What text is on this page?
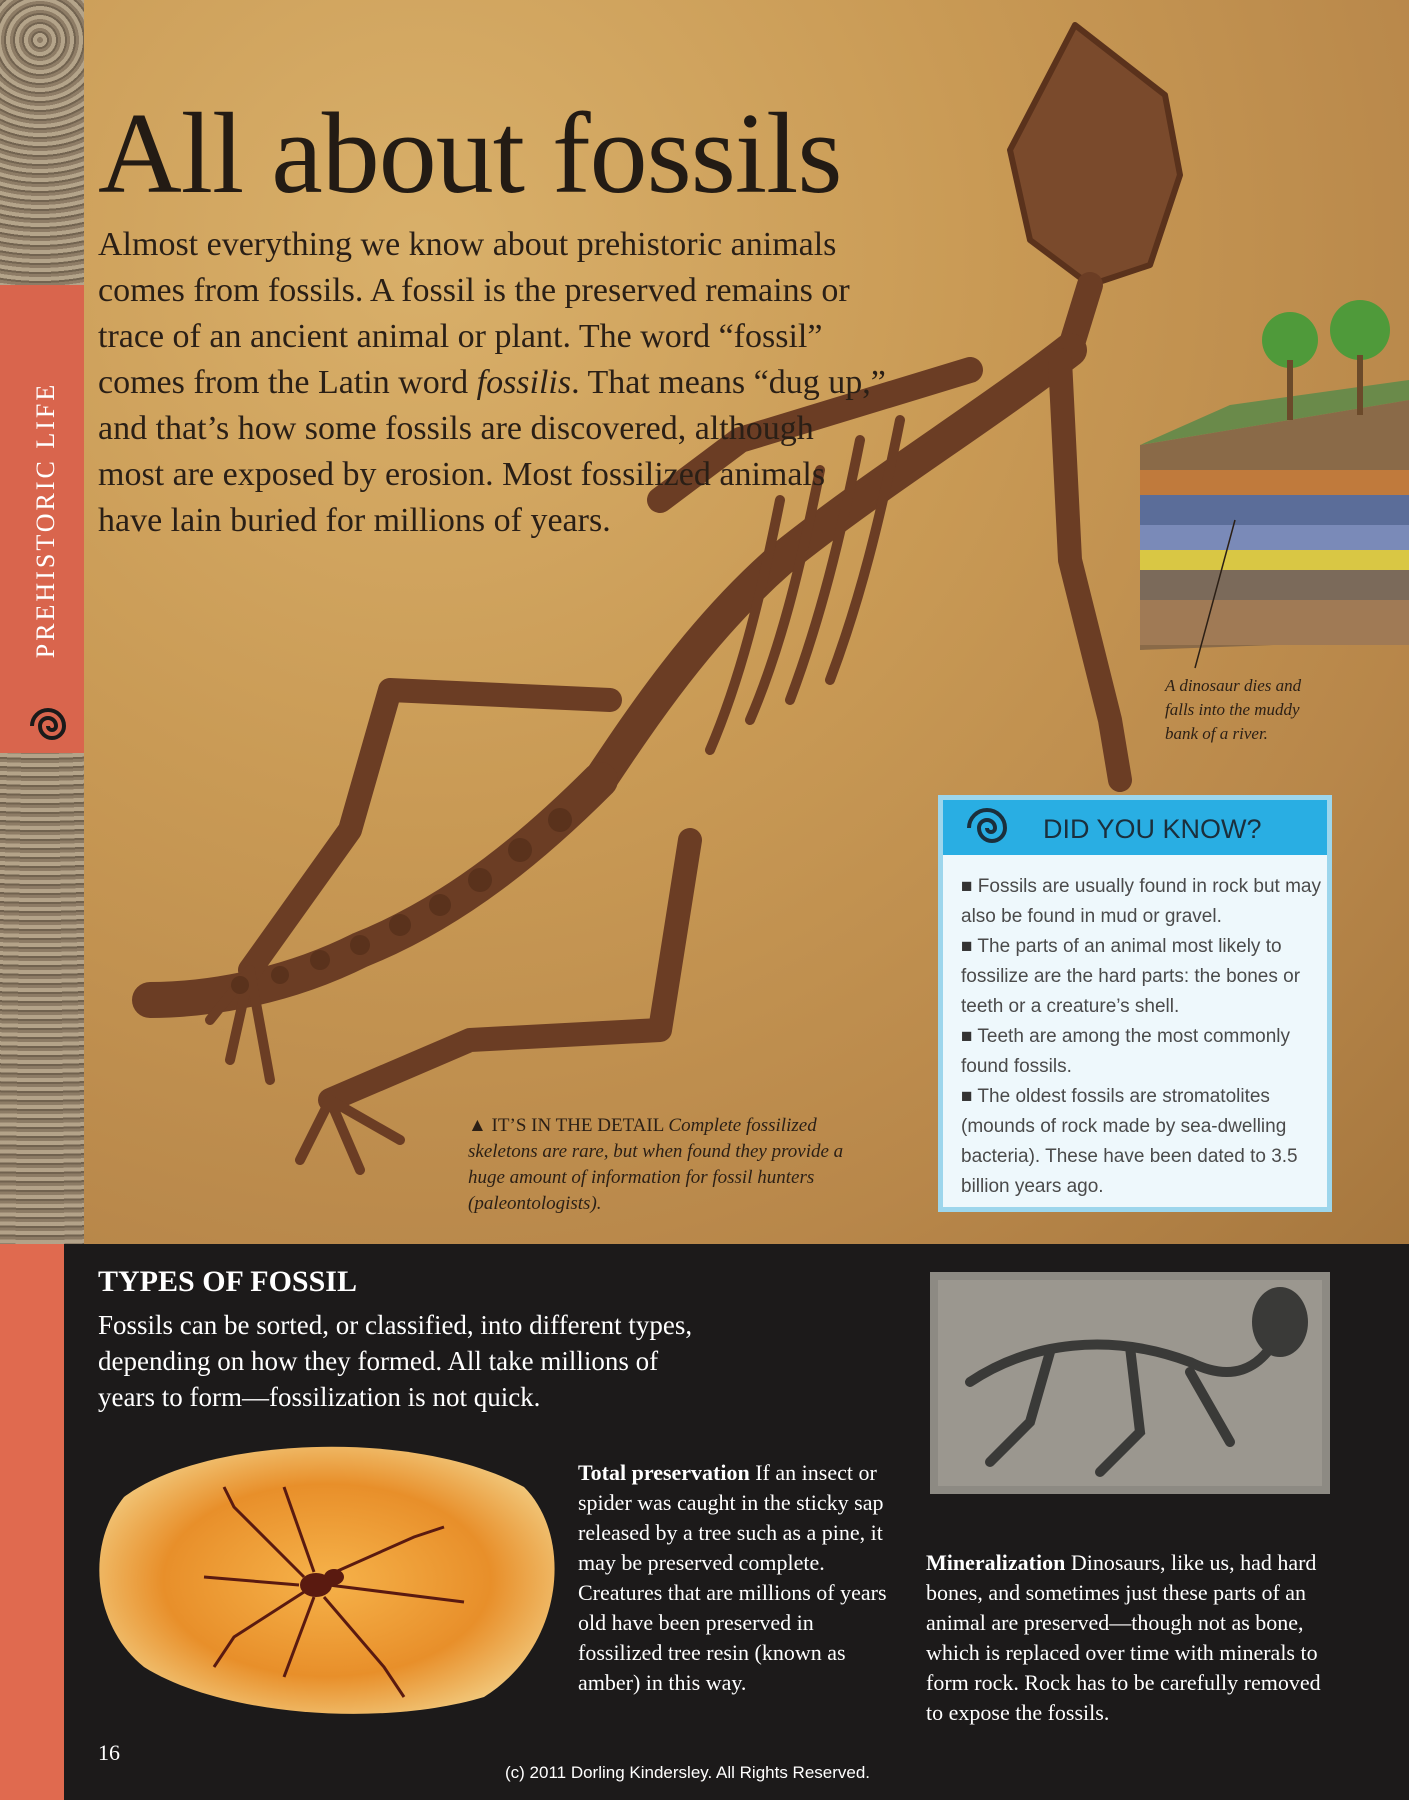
PREHISTORIC LIFE
All about fossils

Almost everything we know about prehistoric animals comes from fossils. A fossil is the preserved remains or trace of an ancient animal or plant. The word “fossil” comes from the Latin word fossilis. That means “dug up,” and that’s how some fossils are discovered, although most are exposed by erosion. Most fossilized animals have lain buried for millions of years.

A dinosaur dies and falls into the muddy bank of a river.
▲ IT’S IN THE DETAIL Complete fossilized skeletons are rare, but when found they provide a huge amount of information for fossil hunters (paleontologists).
DID YOU KNOW?

■ Fossils are usually found in rock but may also be found in mud or gravel.

■ The parts of an animal most likely to fossilize are the hard parts: the bones or teeth or a creature’s shell.

■ Teeth are among the most commonly found fossils.

■ The oldest fossils are stromatolites (mounds of rock made by sea-dwelling bacteria). These have been dated to 3.5 billion years ago.

TYPES OF FOSSIL

Fossils can be sorted, or classified, into different types, depending on how they formed. All take millions of years to form—fossilization is not quick.

Total preservation If an insect or spider was caught in the sticky sap released by a tree such as a pine, it may be preserved complete. Creatures that are millions of years old have been preserved in fossilized tree resin (known as amber) in this way.

Mineralization Dinosaurs, like us, had hard bones, and sometimes just these parts of an animal are preserved—though not as bone, which is replaced over time with minerals to form rock. Rock has to be carefully removed to expose the fossils.

16
(c) 2011 Dorling Kindersley. All Rights Reserved.
